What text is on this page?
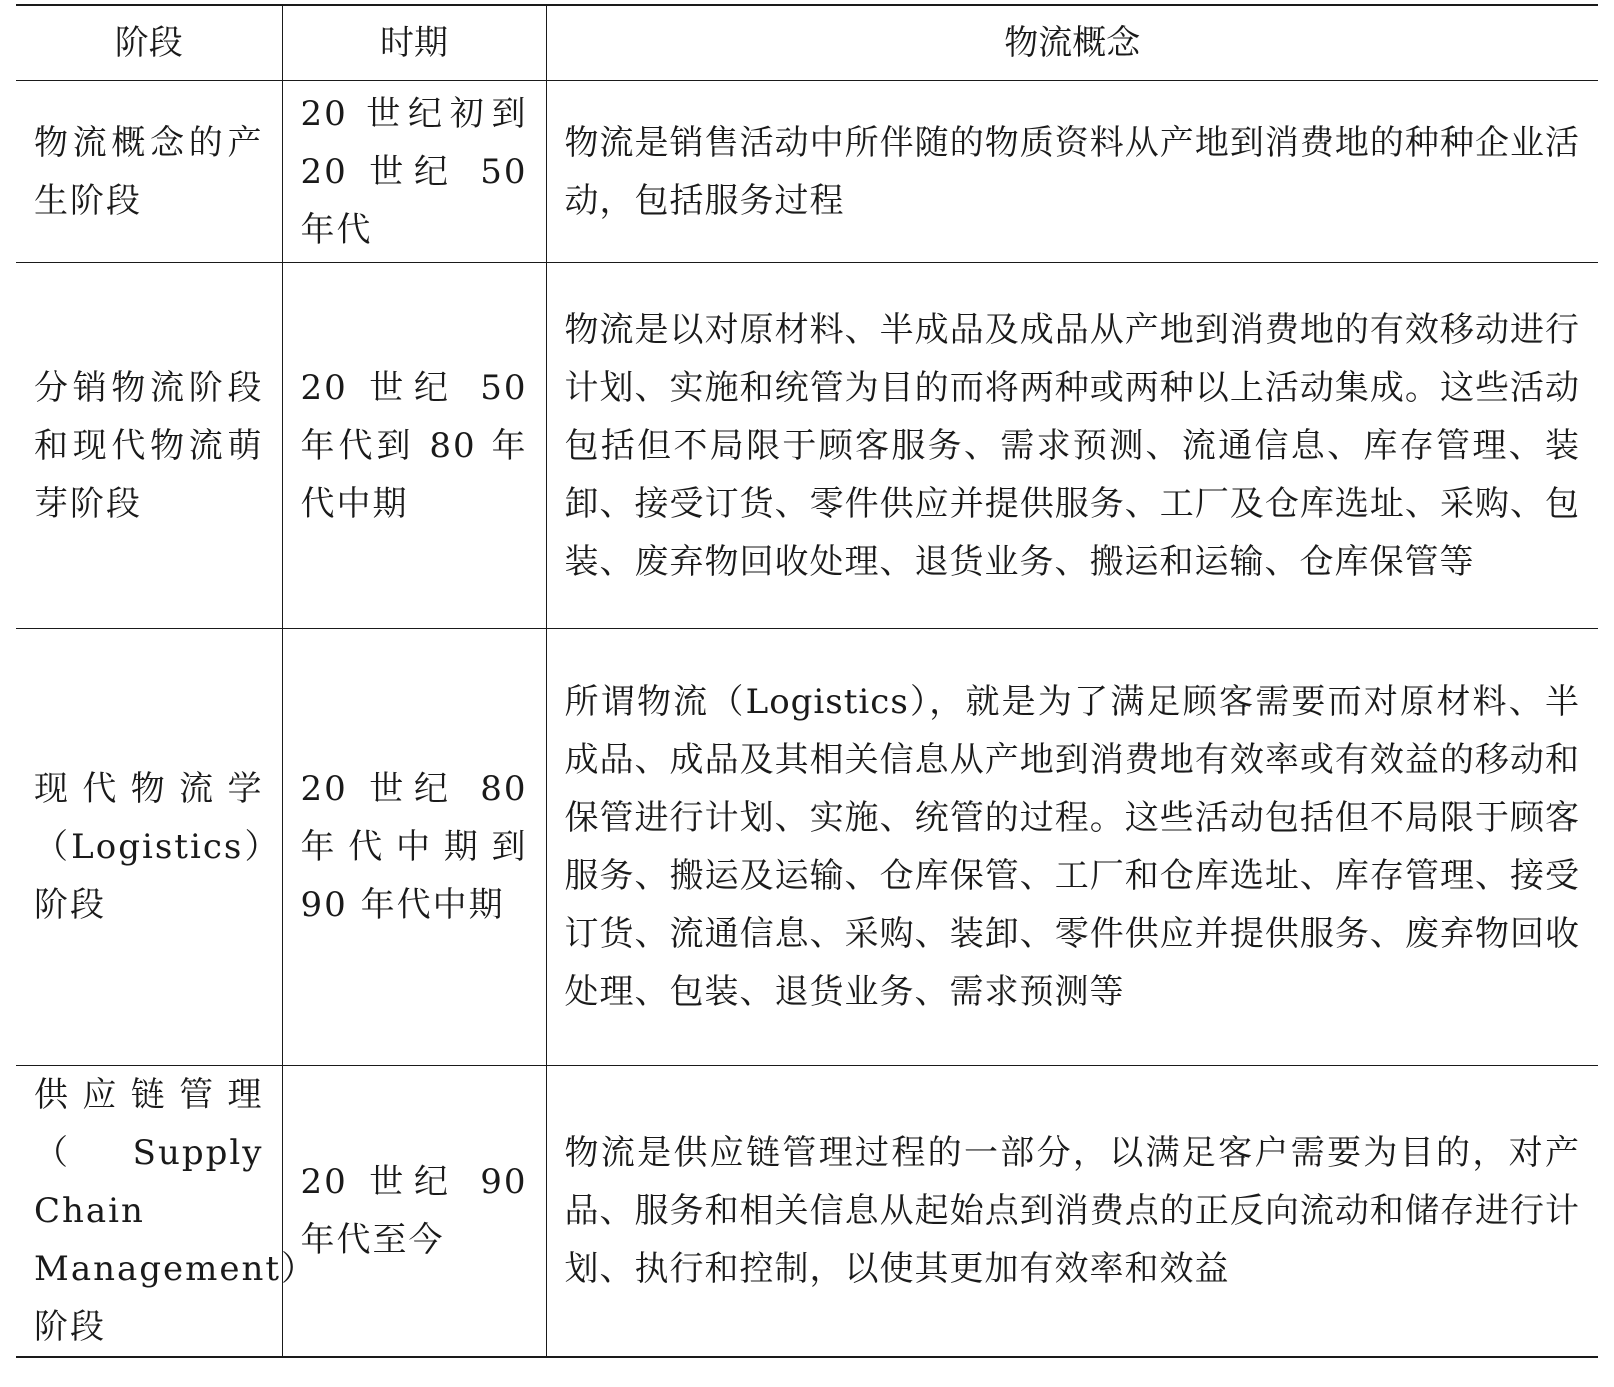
阶段	时期	物流概念
物流概念的产生阶段	20 世纪初到 20 世纪 50 年代	物流是销售活动中所伴随的物质资料从产地到消费地的种种企业活动，包括服务过程
分销物流阶段和现代物流萌芽阶段	20 世纪 50 年代到 80 年代中期	物流是以对原材料、半成品及成品从产地到消费地的有效移动进行计划、实施和统管为目的而将两种或两种以上活动集成。这些活动包括但不局限于顾客服务、需求预测、流通信息、库存管理、装卸、接受订货、零件供应并提供服务、工厂及仓库选址、采购、包装、废弃物回收处理、退货业务、搬运和运输、仓库保管等
现代物流学（Logistics）阶段	20 世纪 80 年代中期到 90 年代中期	所谓物流（Logistics），就是为了满足顾客需要而对原材料、半成品、成品及其相关信息从产地到消费地有效率或有效益的移动和保管进行计划、实施、统管的过程。这些活动包括但不局限于顾客服务、搬运及运输、仓库保管、工厂和仓库选址、库存管理、接受订货、流通信息、采购、装卸、零件供应并提供服务、废弃物回收处理、包装、退货业务、需求预测等
供应链管理（Supply Chain Management）阶段	20 世纪 90 年代至今	物流是供应链管理过程的一部分，以满足客户需要为目的，对产品、服务和相关信息从起始点到消费点的正反向流动和储存进行计划、执行和控制，以使其更加有效率和效益
